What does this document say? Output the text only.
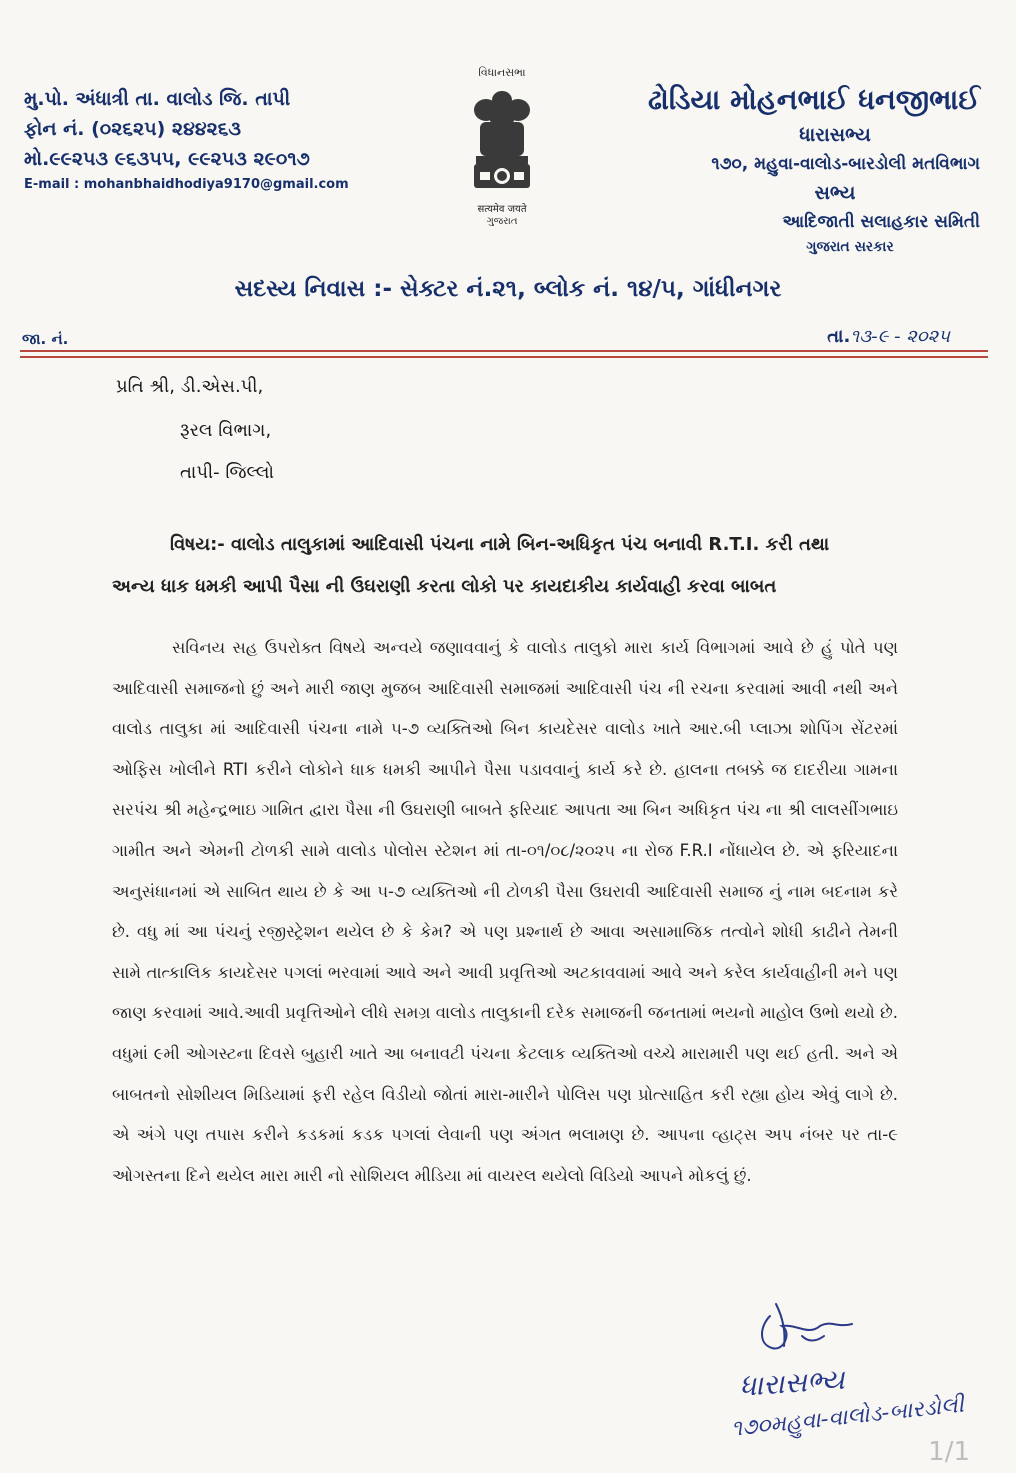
મુ.પો. અંધાત્રી તા. વાલોડ જિ. તાપી
ફોન નં. (૦૨૬૨૫) ૨૪૪૨૬૩
મો.૯૯૨૫૩ ૯૬૩૫૫, ૯૯૨૫૩ ૨૯૦૧૭
E-mail : mohanbhaidhodiya9170@gmail.com
વિધાનસભા
सत्यमेव जयते
ગુજરાત
ઢોડિયા મોહનભાઈ ધનજીભાઈ
ધારાસભ્ય
૧૭૦, મહુવા-વાલોડ-બારડોલી મતવિભાગ
સભ્ય
આદિજાતી સલાહકાર સમિતી
ગુજરાત સરકાર
સદસ્ય નિવાસ :- સેક્ટર નં.૨૧, બ્લોક નં. ૧૪/૫, ગાંધીનગર
જા. નં.	તા.૧૩-૯ - ૨૦૨૫
પ્રતિ શ્રી, ડી.એસ.પી,
રૂરલ વિભાગ,
તાપી- જિલ્લો
વિષય:- વાલોડ તાલુકામાં આદિવાસી પંચના નામે બિન-અધિકૃત પંચ બનાવી R.T.I. કરી તથા
અન્ય ધાક ધમકી આપી પૈસા ની ઉઘરાણી કરતા લોકો પર કાયદાકીય કાર્યવાહી કરવા બાબત
સવિનય સહ ઉપરોક્ત વિષયે અન્વયે જણાવવાનું કે વાલોડ તાલુકો મારા કાર્ય વિભાગમાં આવે છે હું પોતે પણ આદિવાસી સમાજનો છું અને મારી જાણ મુજબ આદિવાસી સમાજમાં આદિવાસી પંચ ની રચના કરવામાં આવી નથી અને વાલોડ તાલુકા માં આદિવાસી પંચના નામે ૫-૭ વ્યક્તિઓ બિન કાયદેસર વાલોડ ખાતે આર.બી પ્લાઝા શોપિંગ સેંટરમાં ઓફિસ ખોલીને RTI કરીને લોકોને ધાક ધમકી આપીને પૈસા પડાવવાનું કાર્ય કરે છે. હાલના તબક્કે જ દાદરીયા ગામના સરપંચ શ્રી મહેન્દ્રભાઇ ગામિત દ્વારા પૈસા ની ઉઘરાણી બાબતે ફરિયાદ આપતા આ બિન અધિકૃત પંચ ના શ્રી લાલસીંગભાઇ ગામીત અને એમની ટોળકી સામે વાલોડ પોલોસ સ્ટેશન માં તા-૦૧/૦૮/૨૦૨૫ ના રોજ F.R.I નોંધાયેલ છે. એ ફરિયાદના અનુસંધાનમાં એ સાબિત થાય છે કે આ ૫-૭ વ્યક્તિઓ ની ટોળકી પૈસા ઉઘરાવી આદિવાસી સમાજ નું નામ બદનામ કરે છે. વધુ માં આ પંચનું રજીસ્ટ્રેશન થયેલ છે કે કેમ? એ પણ પ્રશ્નાર્થ છે આવા અસામાજિક તત્વોને શોધી કાઢીને તેમની સામે તાત્કાલિક કાયદેસર પગલાં ભરવામાં આવે અને આવી પ્રવૃત્તિઓ અટકાવવામાં આવે અને કરેલ કાર્યવાહીની મને પણ જાણ કરવામાં આવે.આવી પ્રવૃત્તિઓને લીધે સમગ્ર વાલોડ તાલુકાની દરેક સમાજની જનતામાં ભયનો માહોલ ઉભો થયો છે. વધુમાં ૯મી ઓગસ્ટના દિવસે બુહારી ખાતે આ બનાવટી પંચના કેટલાક વ્યક્તિઓ વચ્ચે મારામારી પણ થઈ હતી. અને એ બાબતનો સોશીયલ મિડિયામાં ફરી રહેલ વિડીયો જોતાં મારા-મારીને પોલિસ પણ પ્રોત્સાહિત કરી રહ્યા હોય એવું લાગે છે. એ અંગે પણ તપાસ કરીને કડકમાં કડક પગલાં લેવાની પણ અંગત ભલામણ છે. આપના વ્હાટ્સ અપ નંબર પર તા-૯ ઓગસ્તના દિને થયેલ મારા મારી નો સોશિયલ મીડિયા માં વાયરલ થયેલો વિડિયો આપને મોકલું છું.
ધારાસભ્ય
૧૭૦મહુવા-વાલોડ-બારડોલી
1/1
